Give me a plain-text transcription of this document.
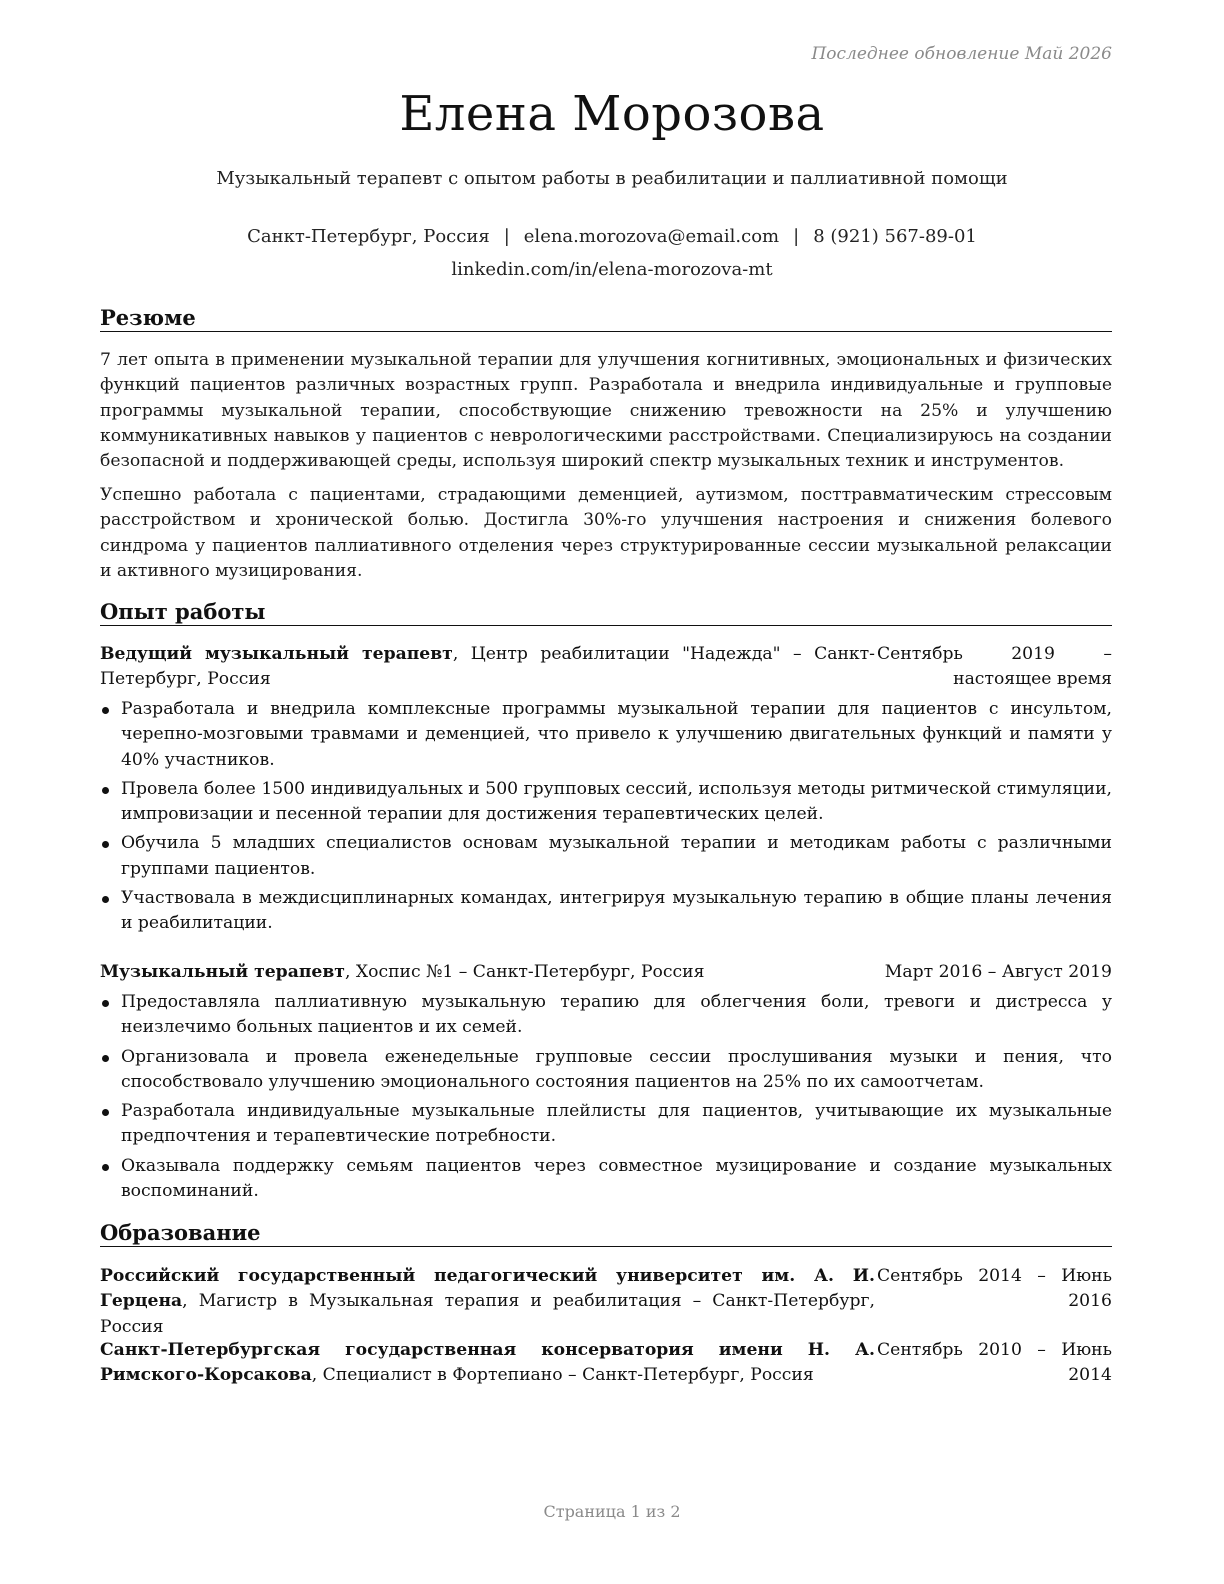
Последнее обновление Май 2026
Елена Морозова
Музыкальный терапевт с опытом работы в реабилитации и паллиативной помощи
Санкт-Петербург, Россия | elena.morozova@email.com | 8 (921) 567-89-01
linkedin.com/in/elena-morozova-mt
Резюме
7 лет опыта в применении музыкальной терапии для улучшения когнитивных, эмоциональных и физических функций пациентов различных возрастных групп. Разработала и внедрила индивидуальные и групповые программы музыкальной терапии, способствующие снижению тревожности на 25% и улучшению коммуникативных навыков у пациентов с неврологическими расстройствами. Специализируюсь на создании безопасной и поддерживающей среды, используя широкий спектр музыкальных техник и инструментов.
Успешно работала с пациентами, страдающими деменцией, аутизмом, посттравматическим стрессовым расстройством и хронической болью. Достигла 30%-го улучшения настроения и снижения болевого синдрома у пациентов паллиативного отделения через структурированные сессии музыкальной релаксации и активного музицирования.
Опыт работы
Ведущий музыкальный терапевт, Центр реабилитации "Надежда" – Санкт-Петербург, Россия
Сентябрь 2019 – настоящее время
Разработала и внедрила комплексные программы музыкальной терапии для пациентов с инсультом, черепно-мозговыми травмами и деменцией, что привело к улучшению двигательных функций и памяти у 40% участников.
Провела более 1500 индивидуальных и 500 групповых сессий, используя методы ритмической стимуляции, импровизации и песенной терапии для достижения терапевтических целей.
Обучила 5 младших специалистов основам музыкальной терапии и методикам работы с различными группами пациентов.
Участвовала в междисциплинарных командах, интегрируя музыкальную терапию в общие планы лечения и реабилитации.
Музыкальный терапевт, Хоспис №1 – Санкт-Петербург, Россия	Март 2016 – Август 2019
Предоставляла паллиативную музыкальную терапию для облегчения боли, тревоги и дистресса у неизлечимо больных пациентов и их семей.
Организовала и провела еженедельные групповые сессии прослушивания музыки и пения, что способствовало улучшению эмоционального состояния пациентов на 25% по их самоотчетам.
Разработала индивидуальные музыкальные плейлисты для пациентов, учитывающие их музыкальные предпочтения и терапевтические потребности.
Оказывала поддержку семьям пациентов через совместное музицирование и создание музыкальных воспоминаний.
Образование
Российский государственный педагогический университет им. А. И. Герцена, Магистр в Музыкальная терапия и реабилитация – Санкт-Петербург, Россия
Сентябрь 2014 – Июнь 2016
Санкт-Петербургская государственная консерватория имени Н. А. Римского-Корсакова, Специалист в Фортепиано – Санкт-Петербург, Россия
Сентябрь 2010 – Июнь 2014
Страница 1 из 2
